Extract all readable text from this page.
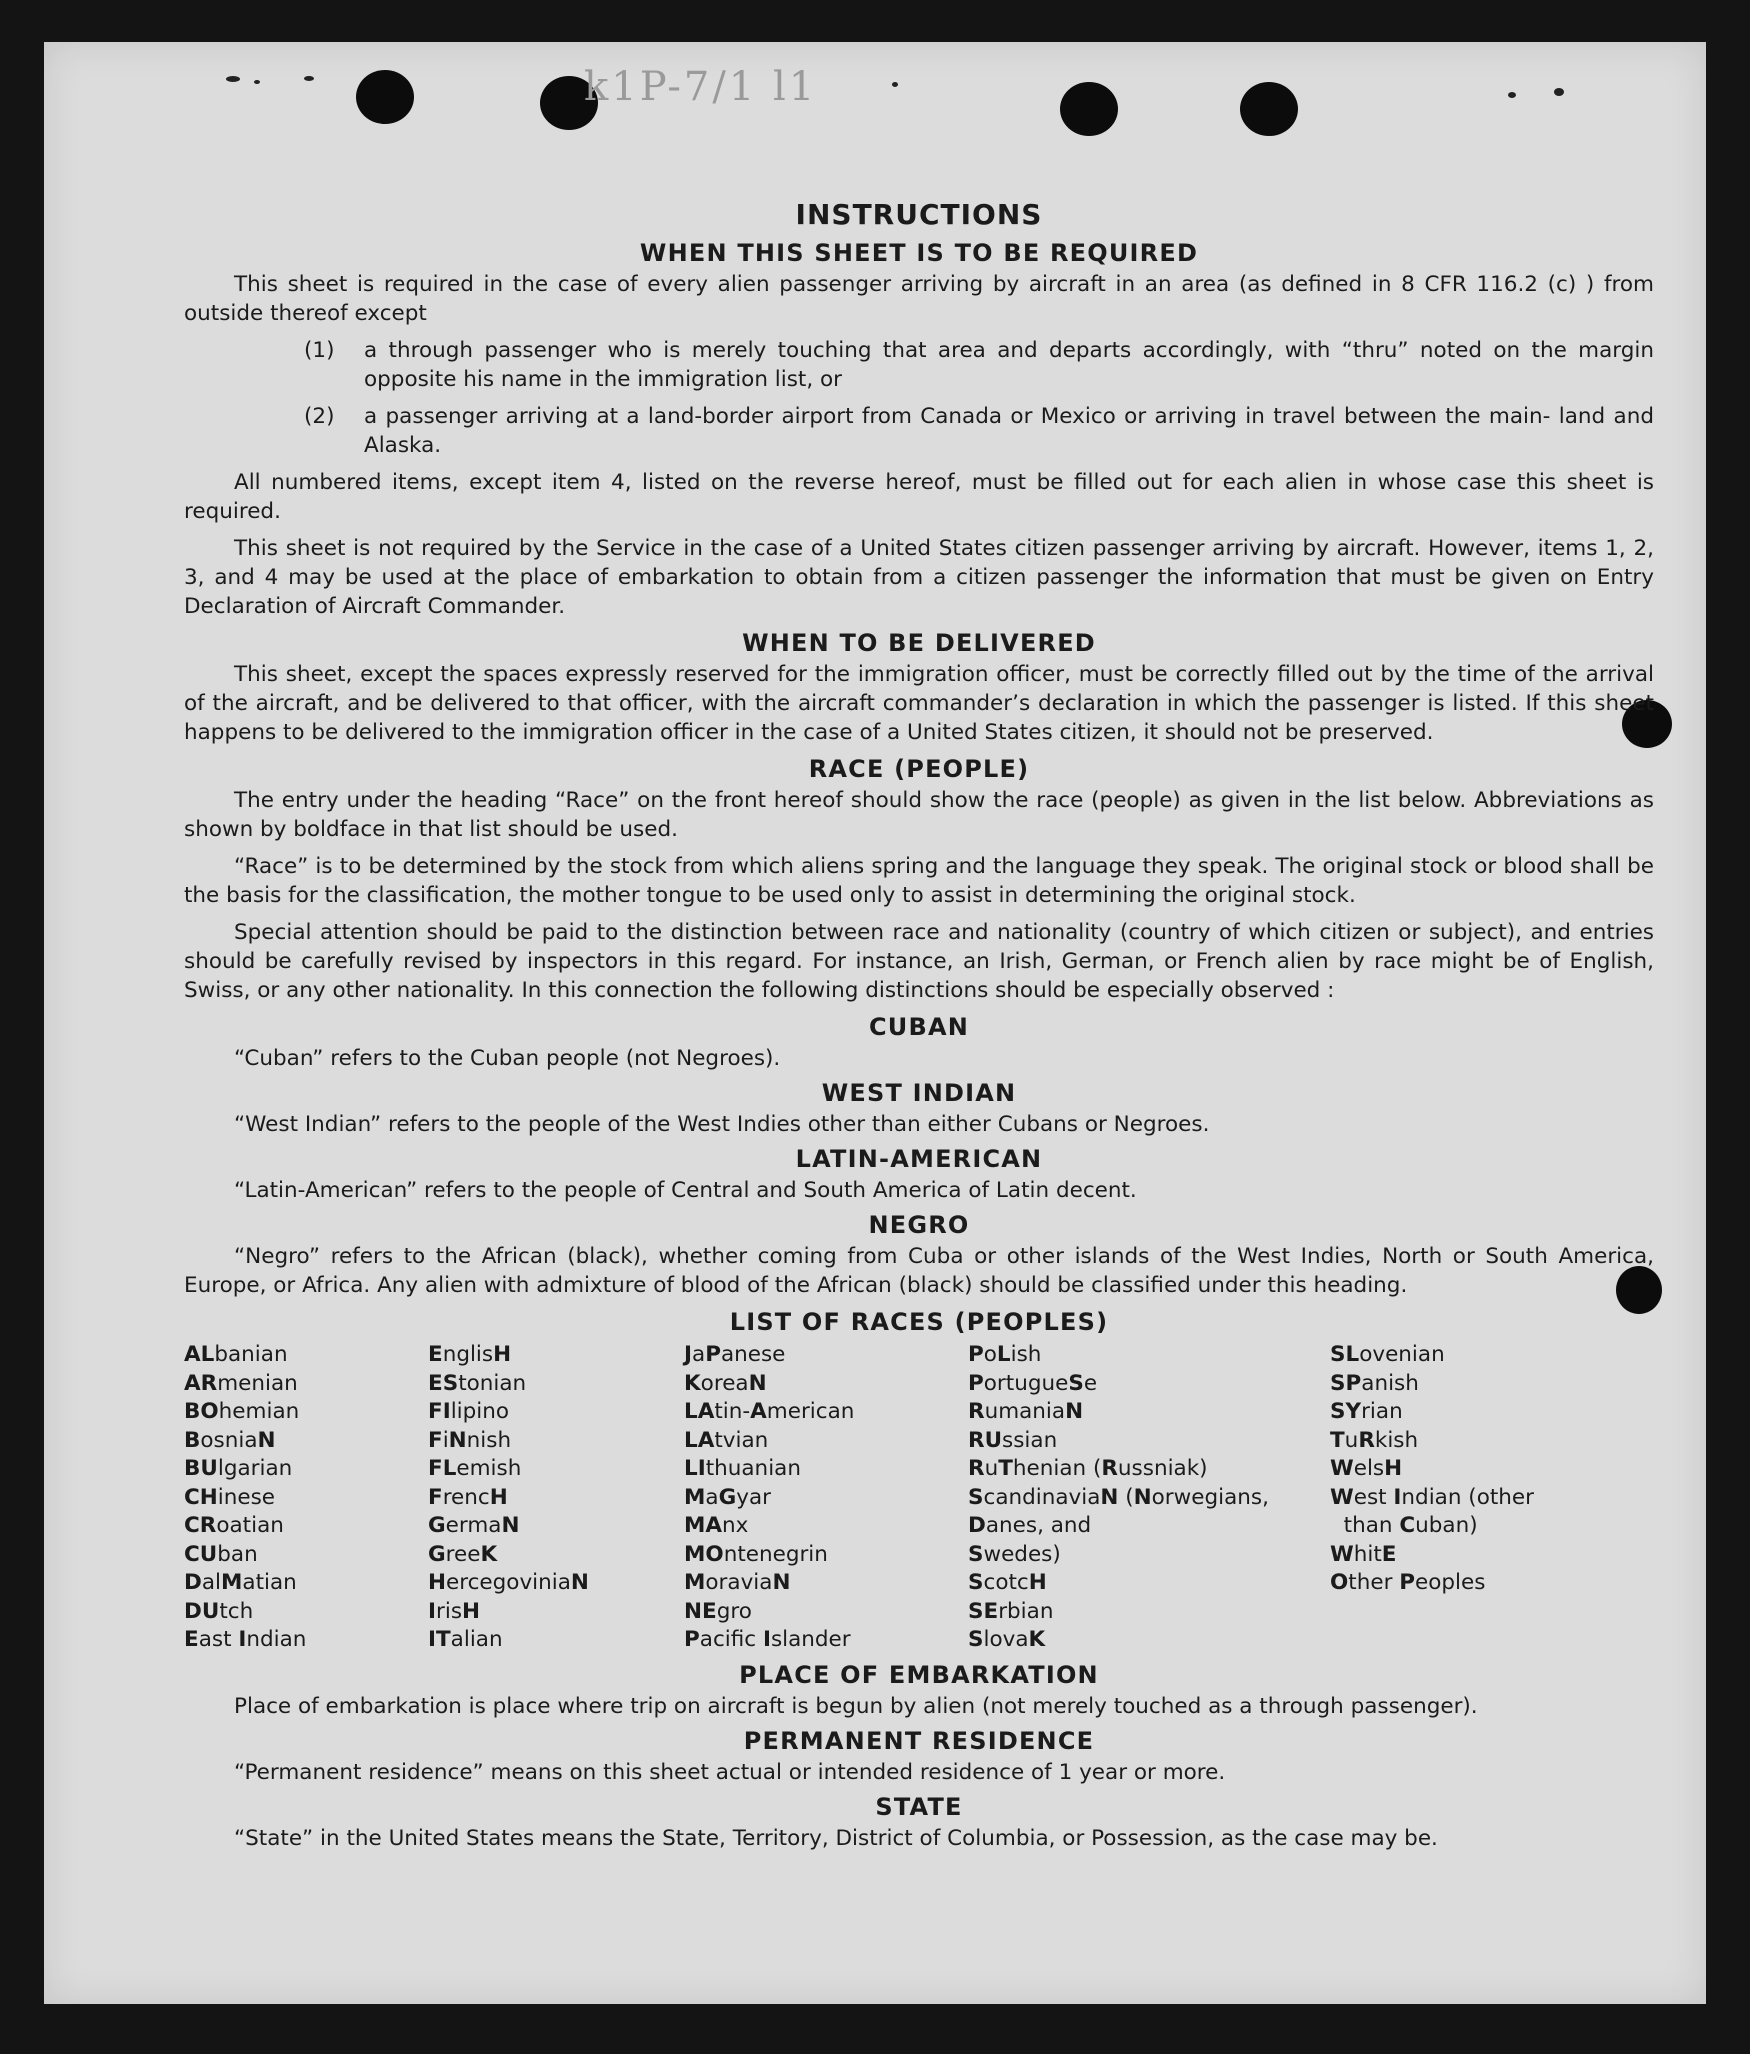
k1P-7/1 l1
INSTRUCTIONS
WHEN THIS SHEET IS TO BE REQUIRED

This sheet is required in the case of every alien passenger arriving by aircraft in an area (as defined in 8 CFR 116.2 (c) ) from outside thereof except

(1)	a through passenger who is merely touching that area and departs accordingly, with “thru” noted on the margin opposite his name in the immigration list, or
(2)	a passenger arriving at a land-border airport from Canada or Mexico or arriving in travel between the main- land and Alaska.

All numbered items, except item 4, listed on the reverse hereof, must be filled out for each alien in whose case this sheet is required.

This sheet is not required by the Service in the case of a United States citizen passenger arriving by aircraft. However, items 1, 2, 3, and 4 may be used at the place of embarkation to obtain from a citizen passenger the information that must be given on Entry Declaration of Aircraft Commander.

WHEN TO BE DELIVERED

This sheet, except the spaces expressly reserved for the immigration officer, must be correctly filled out by the time of the arrival of the aircraft, and be delivered to that officer, with the aircraft commander’s declaration in which the passenger is listed. If this sheet happens to be delivered to the immigration officer in the case of a United States citizen, it should not be preserved.

RACE (PEOPLE)

The entry under the heading “Race” on the front hereof should show the race (people) as given in the list below. Abbreviations as shown by boldface in that list should be used.

“Race” is to be determined by the stock from which aliens spring and the language they speak. The original stock or blood shall be the basis for the classification, the mother tongue to be used only to assist in determining the original stock.

Special attention should be paid to the distinction between race and nationality (country of which citizen or subject), and entries should be carefully revised by inspectors in this regard. For instance, an Irish, German, or French alien by race might be of English, Swiss, or any other nationality. In this connection the following distinctions should be especially observed :

CUBAN

“Cuban” refers to the Cuban people (not Negroes).

WEST INDIAN

“West Indian” refers to the people of the West Indies other than either Cubans or Negroes.

LATIN-AMERICAN

“Latin-American” refers to the people of Central and South America of Latin decent.

NEGRO

“Negro” refers to the African (black), whether coming from Cuba or other islands of the West Indies, North or South America, Europe, or Africa. Any alien with admixture of blood of the African (black) should be classified under this heading.

LIST OF RACES (PEOPLES)
ALbanian
ARmenian
BOhemian
BosniaN
BUlgarian
CHinese
CRoatian
CUban
DalMatian
DUtch
East Indian
EnglisH
EStonian
FIlipino
FiNnish
FLemish
FrencH
GermaN
GreeK
HercegoviniaN
IrisH
ITalian
JaPanese
KoreaN
LAtin-American
LAtvian
LIthuanian
MaGyar
MAnx
MOntenegrin
MoraviaN
NEgro
Pacific Islander
PoLish
PortugueSe
RumaniaN
RUssian
RuThenian (Russniak)
ScandinaviaN (Norwegians,
Danes, and
Swedes)
ScotcH
SErbian
SlovaK
SLovenian
SPanish
SYrian
TuRkish
WelsH
West Indian (other
than Cuban)
WhitE
Other Peoples
PLACE OF EMBARKATION

Place of embarkation is place where trip on aircraft is begun by alien (not merely touched as a through passenger).

PERMANENT RESIDENCE

“Permanent residence” means on this sheet actual or intended residence of 1 year or more.

STATE

“State” in the United States means the State, Territory, District of Columbia, or Possession, as the case may be.
